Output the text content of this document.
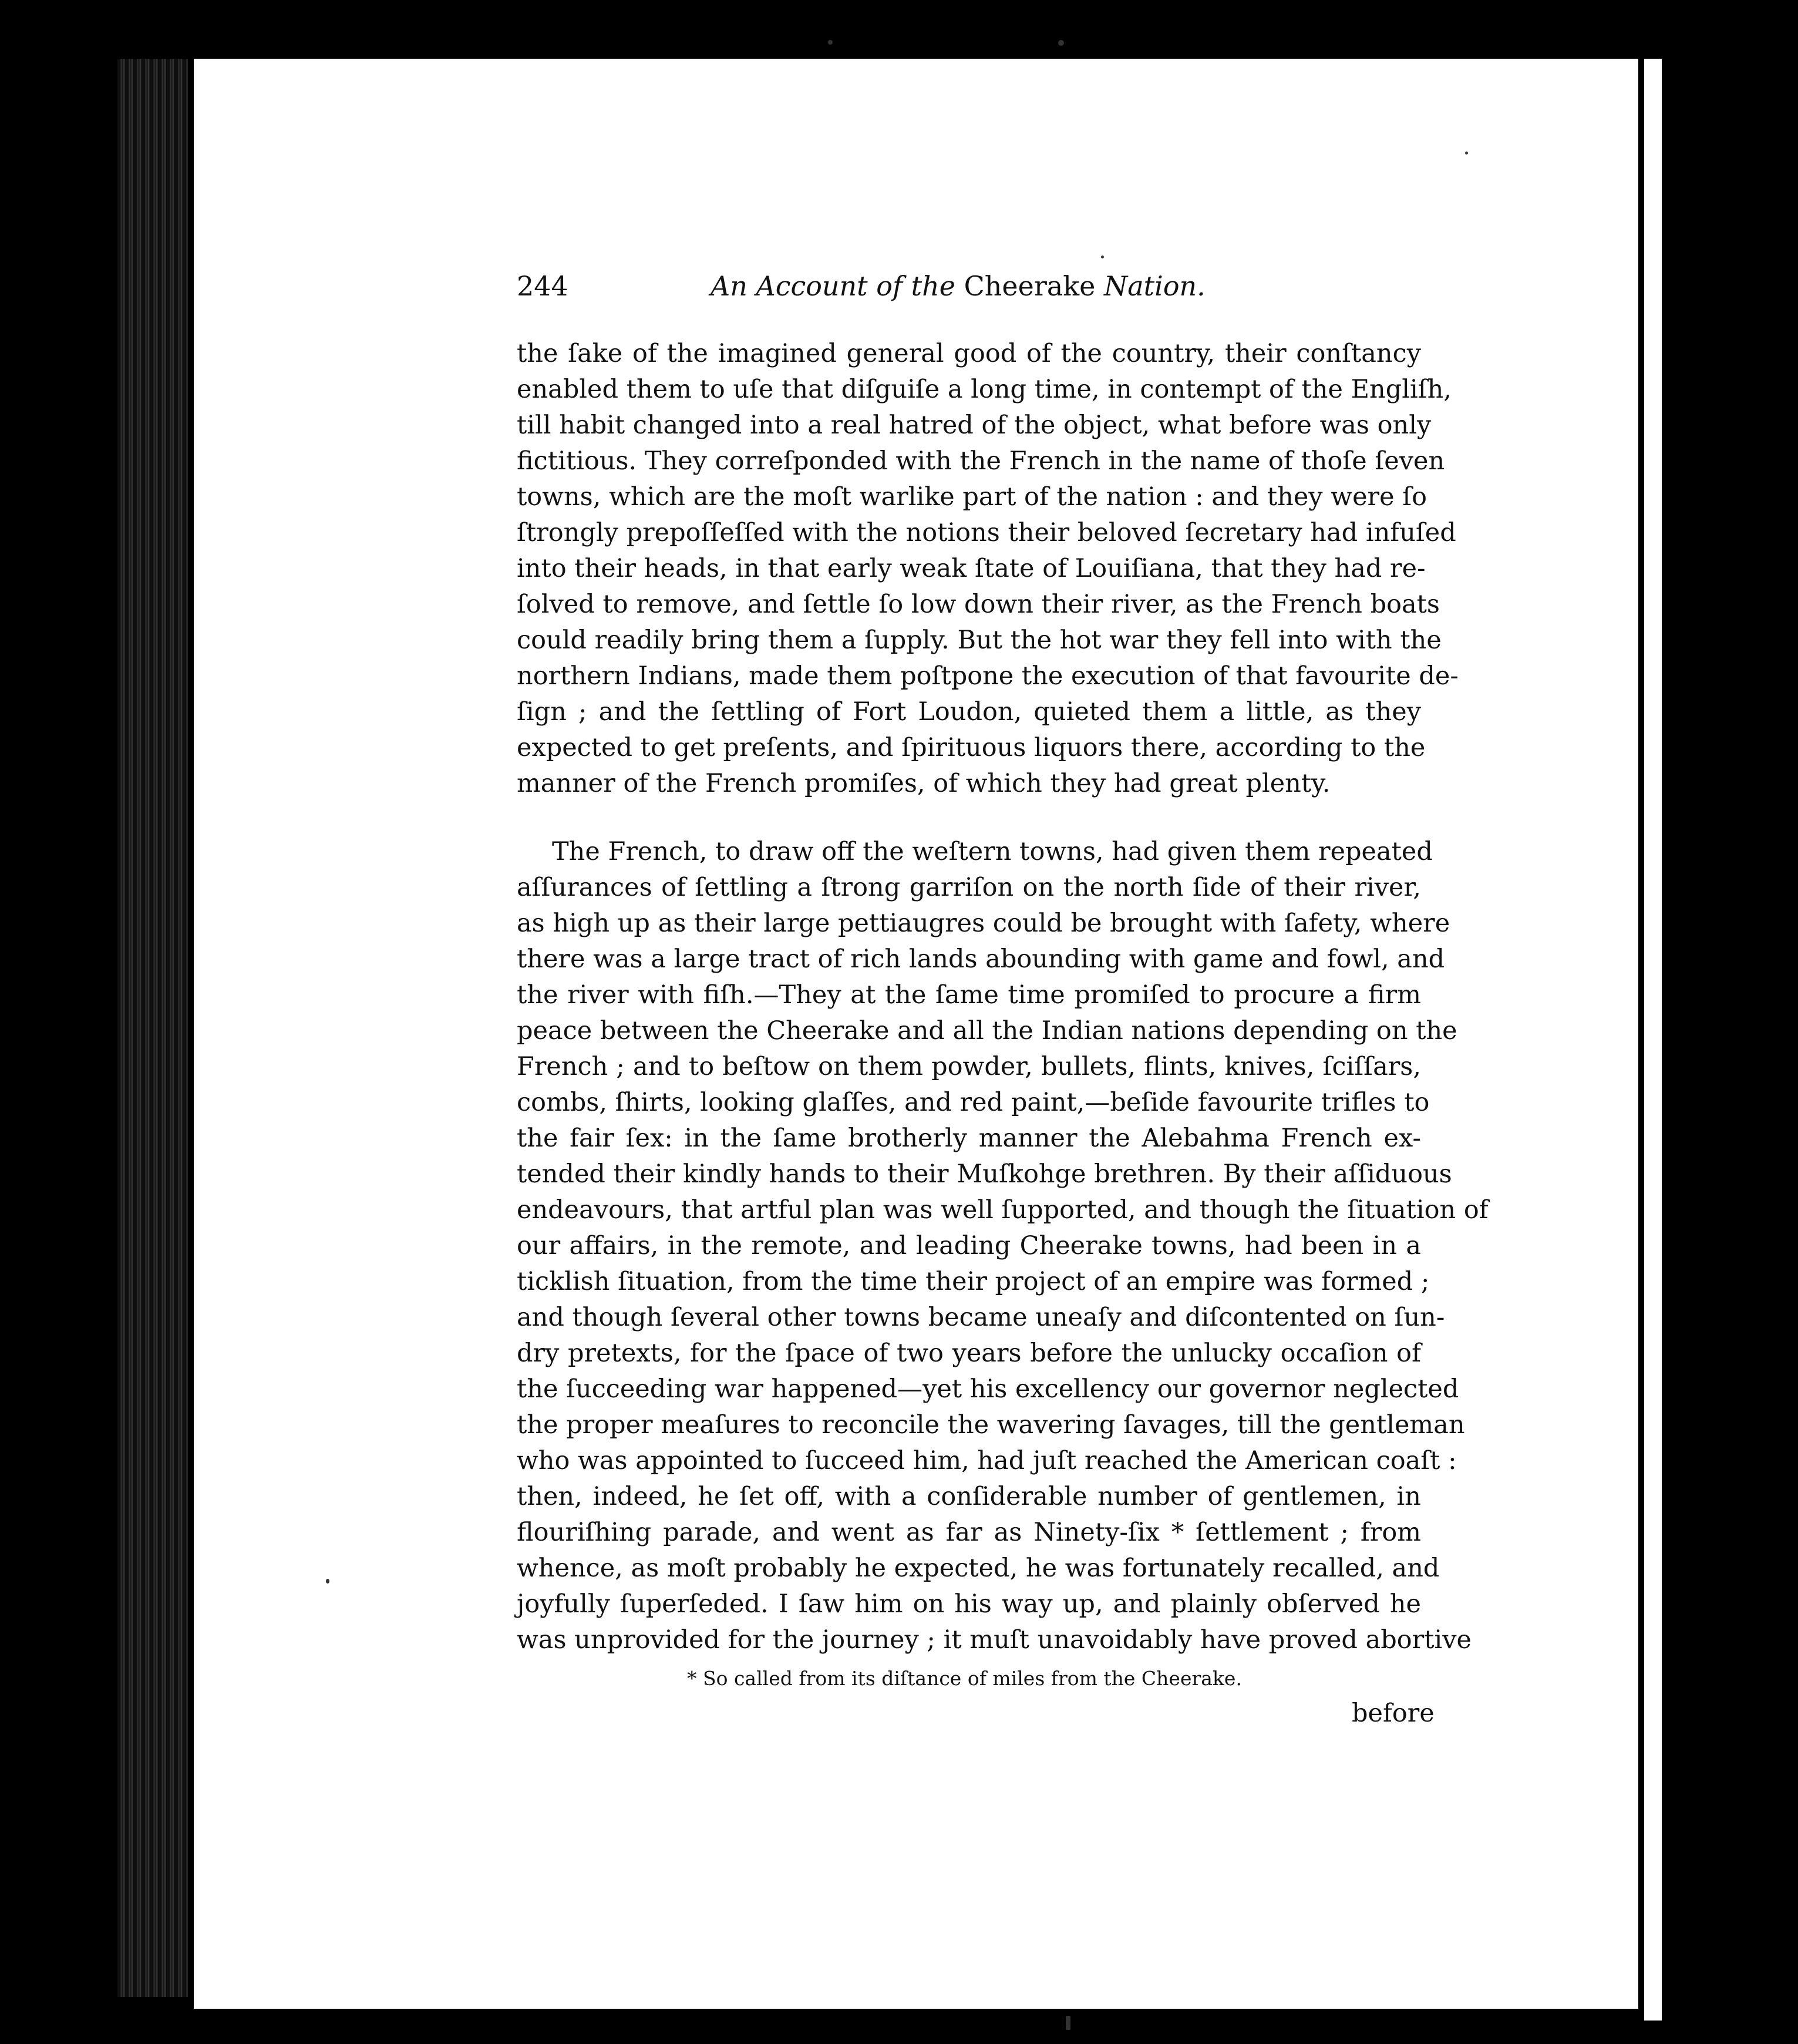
244	An Account of the Cheerake Nation.
the ſake of the imagined general good of the country, their conſtancy
enabled them to uſe that diſguiſe a long time, in contempt of the Engliſh,
till habit changed into a real hatred of the object, what before was only
fictitious. They correſponded with the French in the name of thoſe ſeven
towns, which are the moſt warlike part of the nation : and they were ſo
ſtrongly prepoſſeſſed with the notions their beloved ſecretary had infuſed
into their heads, in that early weak ſtate of Louiſiana, that they had re-
ſolved to remove, and ſettle ſo low down their river, as the French boats
could readily bring them a ſupply. But the hot war they fell into with the
northern Indians, made them poſtpone the execution of that favourite de-
ſign ; and the ſettling of Fort Loudon, quieted them a little, as they
expected to get preſents, and ſpirituous liquors there, according to the
manner of the French promiſes, of which they had great plenty.
The French, to draw off the weſtern towns, had given them repeated
aſſurances of ſettling a ſtrong garriſon on the north ſide of their river,
as high up as their large pettiaugres could be brought with ſafety, where
there was a large tract of rich lands abounding with game and fowl, and
the river with fiſh.—They at the ſame time promiſed to procure a firm
peace between the Cheerake and all the Indian nations depending on the
French ; and to beſtow on them powder, bullets, flints, knives, ſciſſars,
combs, ſhirts, looking glaſſes, and red paint,—beſide favourite trifles to
the fair ſex: in the ſame brotherly manner the Alebahma French ex-
tended their kindly hands to their Muſkohge brethren. By their aſſiduous
endeavours, that artful plan was well ſupported, and though the ſituation of
our affairs, in the remote, and leading Cheerake towns, had been in a
ticklish ſituation, from the time their project of an empire was formed ;
and though ſeveral other towns became uneaſy and diſcontented on ſun-
dry pretexts, for the ſpace of two years before the unlucky occaſion of
the ſucceeding war happened—yet his excellency our governor neglected
the proper meaſures to reconcile the wavering ſavages, till the gentleman
who was appointed to ſucceed him, had juſt reached the American coaſt :
then, indeed, he ſet off, with a conſiderable number of gentlemen, in
flouriſhing parade, and went as far as Ninety-ſix * ſettlement ; from
whence, as moſt probably he expected, he was fortunately recalled, and
joyfully ſuperſeded. I ſaw him on his way up, and plainly obſerved he
was unprovided for the journey ; it muſt unavoidably have proved abortive
* So called from its diſtance of miles from the Cheerake.
before
